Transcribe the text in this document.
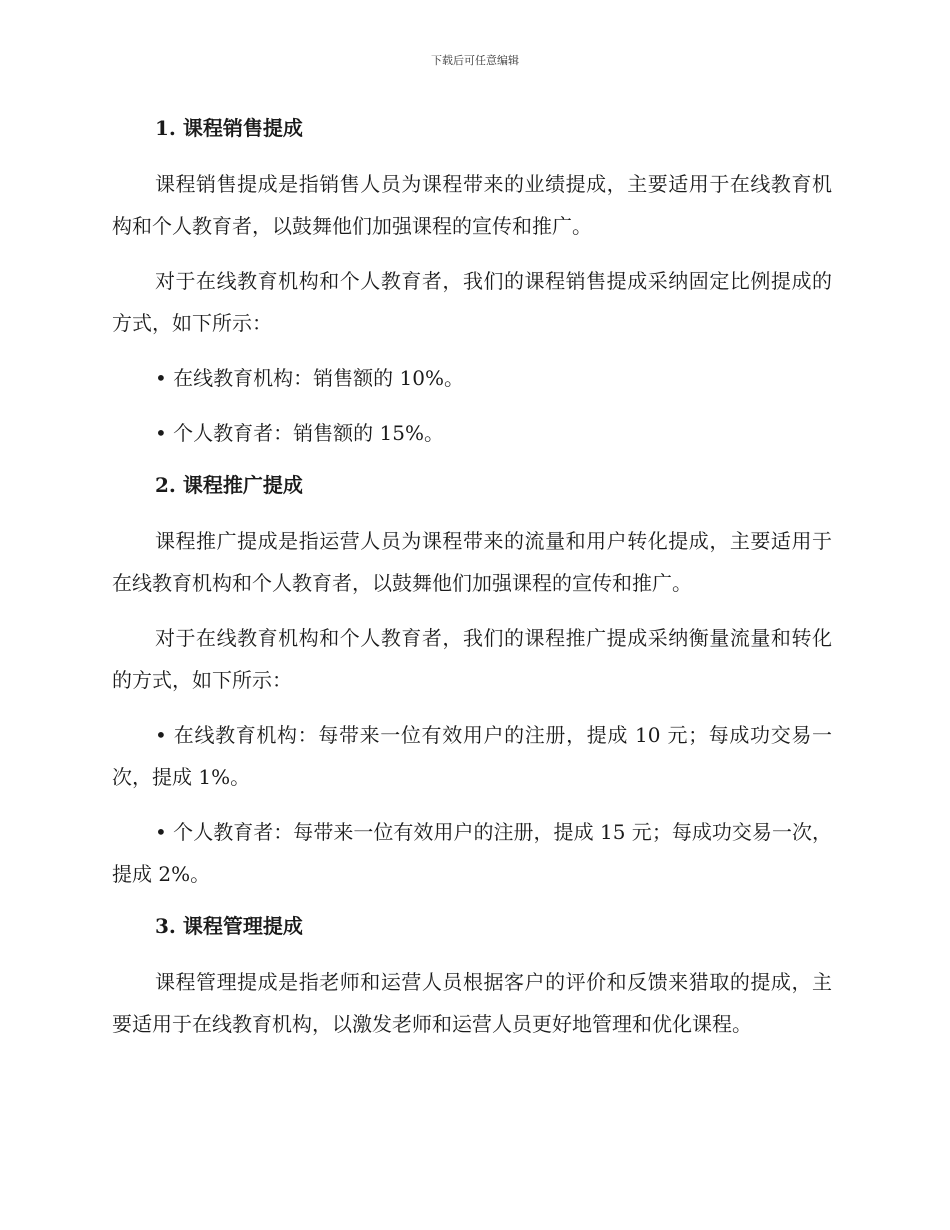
下载后可任意编辑
1. 课程销售提成

课程销售提成是指销售人员为课程带来的业绩提成，主要适用于在线教育机构和个人教育者，以鼓舞他们加强课程的宣传和推广。

对于在线教育机构和个人教育者，我们的课程销售提成采纳固定比例提成的方式，如下所示：

• 在线教育机构：销售额的 10%。

• 个人教育者：销售额的 15%。

2. 课程推广提成

课程推广提成是指运营人员为课程带来的流量和用户转化提成，主要适用于在线教育机构和个人教育者，以鼓舞他们加强课程的宣传和推广。

对于在线教育机构和个人教育者，我们的课程推广提成采纳衡量流量和转化的方式，如下所示：

• 在线教育机构：每带来一位有效用户的注册，提成 10 元；每成功交易一次，提成 1%。

• 个人教育者：每带来一位有效用户的注册，提成 15 元；每成功交易一次，提成 2%。

3. 课程管理提成

课程管理提成是指老师和运营人员根据客户的评价和反馈来猎取的提成，主要适用于在线教育机构，以激发老师和运营人员更好地管理和优化课程。
